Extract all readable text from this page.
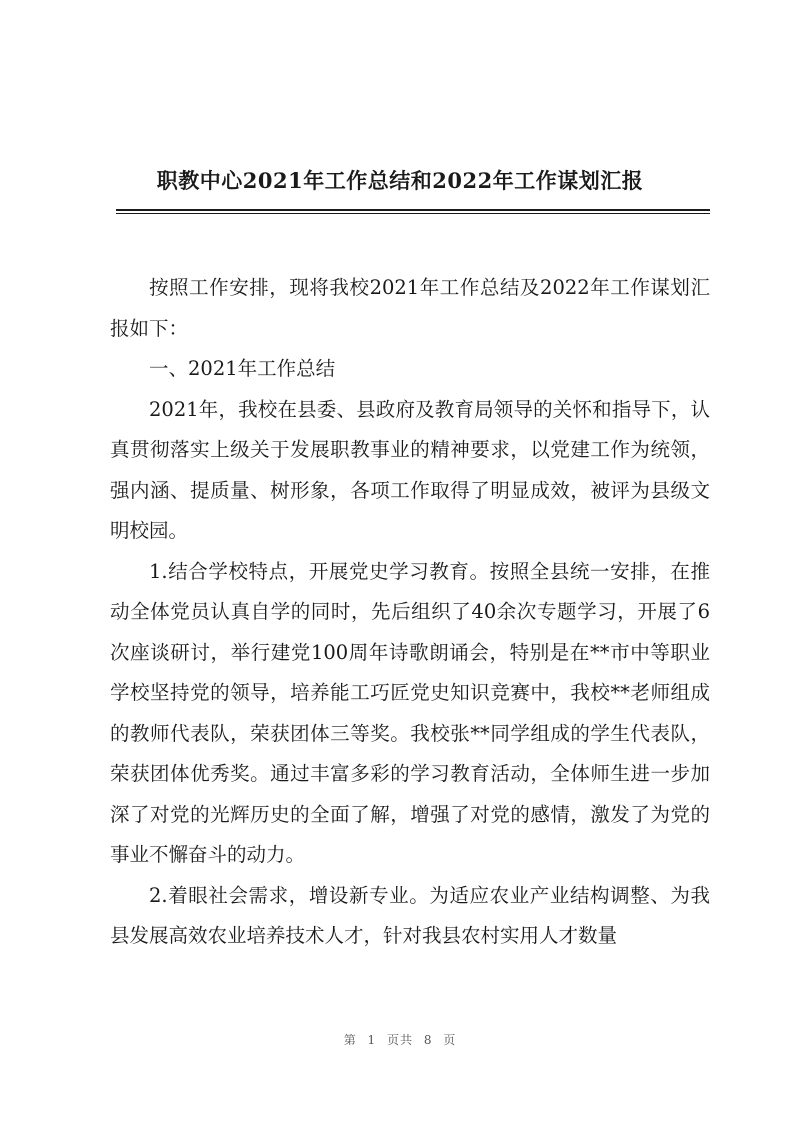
职教中心2021年工作总结和2022年工作谋划汇报

按照工作安排，现将我校2021年工作总结及2022年工作谋划汇报如下：

一、2021年工作总结

2021年，我校在县委、县政府及教育局领导的关怀和指导下，认真贯彻落实上级关于发展职教事业的精神要求，以党建工作为统领，强内涵、提质量、树形象，各项工作取得了明显成效，被评为县级文明校园。

1.结合学校特点，开展党史学习教育。按照全县统一安排，在推动全体党员认真自学的同时，先后组织了40余次专题学习，开展了6次座谈研讨，举行建党100周年诗歌朗诵会，特别是在**市中等职业学校坚持党的领导，培养能工巧匠党史知识竞赛中，我校**老师组成的教师代表队，荣获团体三等奖。我校张**同学组成的学生代表队，荣获团体优秀奖。通过丰富多彩的学习教育活动，全体师生进一步加深了对党的光辉历史的全面了解，增强了对党的感情，激发了为党的事业不懈奋斗的动力。

2.着眼社会需求，增设新专业。为适应农业产业结构调整、为我县发展高效农业培养技术人才，针对我县农村实用人才数量

第 1 页共 8 页
